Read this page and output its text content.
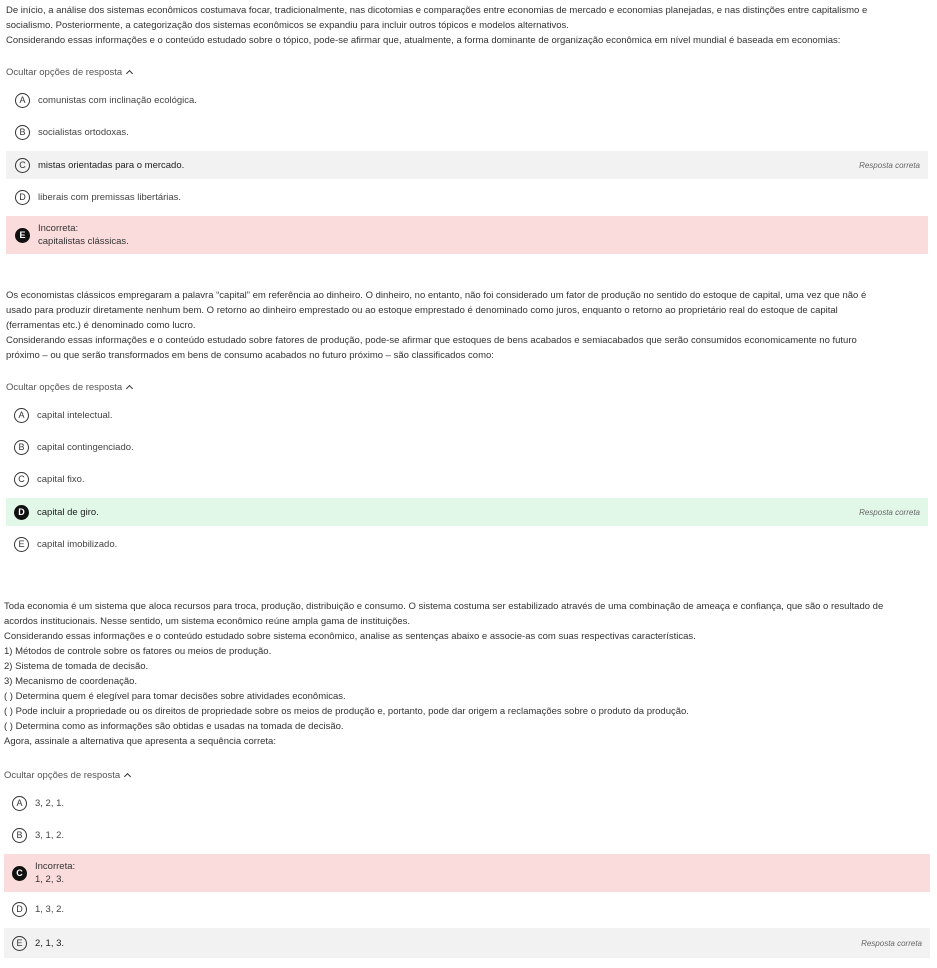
De início, a análise dos sistemas econômicos costumava focar, tradicionalmente, nas dicotomias e comparações entre economias de mercado e economias planejadas, e nas distinções entre capitalismo e

socialismo. Posteriormente, a categorização dos sistemas econômicos se expandiu para incluir outros tópicos e modelos alternativos.

Considerando essas informações e o conteúdo estudado sobre o tópico, pode-se afirmar que, atualmente, a forma dominante de organização econômica em nível mundial é baseada em economias:

Ocultar opções de resposta
A	comunistas com inclinação ecológica.
B	socialistas ortodoxas.
C	mistas orientadas para o mercado.	Resposta correta
D	liberais com premissas libertárias.
E
Incorreta:
capitalistas clássicas.

Os economistas clássicos empregaram a palavra “capital” em referência ao dinheiro. O dinheiro, no entanto, não foi considerado um fator de produção no sentido do estoque de capital, uma vez que não é

usado para produzir diretamente nenhum bem. O retorno ao dinheiro emprestado ou ao estoque emprestado é denominado como juros, enquanto o retorno ao proprietário real do estoque de capital

(ferramentas etc.) é denominado como lucro.

Considerando essas informações e o conteúdo estudado sobre fatores de produção, pode-se afirmar que estoques de bens acabados e semiacabados que serão consumidos economicamente no futuro

próximo – ou que serão transformados em bens de consumo acabados no futuro próximo – são classificados como:

Ocultar opções de resposta
A	capital intelectual.
B	capital contingenciado.
C	capital fixo.
D	capital de giro.	Resposta correta
E	capital imobilizado.

Toda economia é um sistema que aloca recursos para troca, produção, distribuição e consumo. O sistema costuma ser estabilizado através de uma combinação de ameaça e confiança, que são o resultado de

acordos institucionais. Nesse sentido, um sistema econômico reúne ampla gama de instituições.

Considerando essas informações e o conteúdo estudado sobre sistema econômico, analise as sentenças abaixo e associe-as com suas respectivas características.

1) Métodos de controle sobre os fatores ou meios de produção.

2) Sistema de tomada de decisão.

3) Mecanismo de coordenação.

( ) Determina quem é elegível para tomar decisões sobre atividades econômicas.

( ) Pode incluir a propriedade ou os direitos de propriedade sobre os meios de produção e, portanto, pode dar origem a reclamações sobre o produto da produção.

( ) Determina como as informações são obtidas e usadas na tomada de decisão.

Agora, assinale a alternativa que apresenta a sequência correta:

Ocultar opções de resposta
A	3, 2, 1.
B	3, 1, 2.
C
Incorreta:
1, 2, 3.
D	1, 3, 2.
E	2, 1, 3.	Resposta correta
